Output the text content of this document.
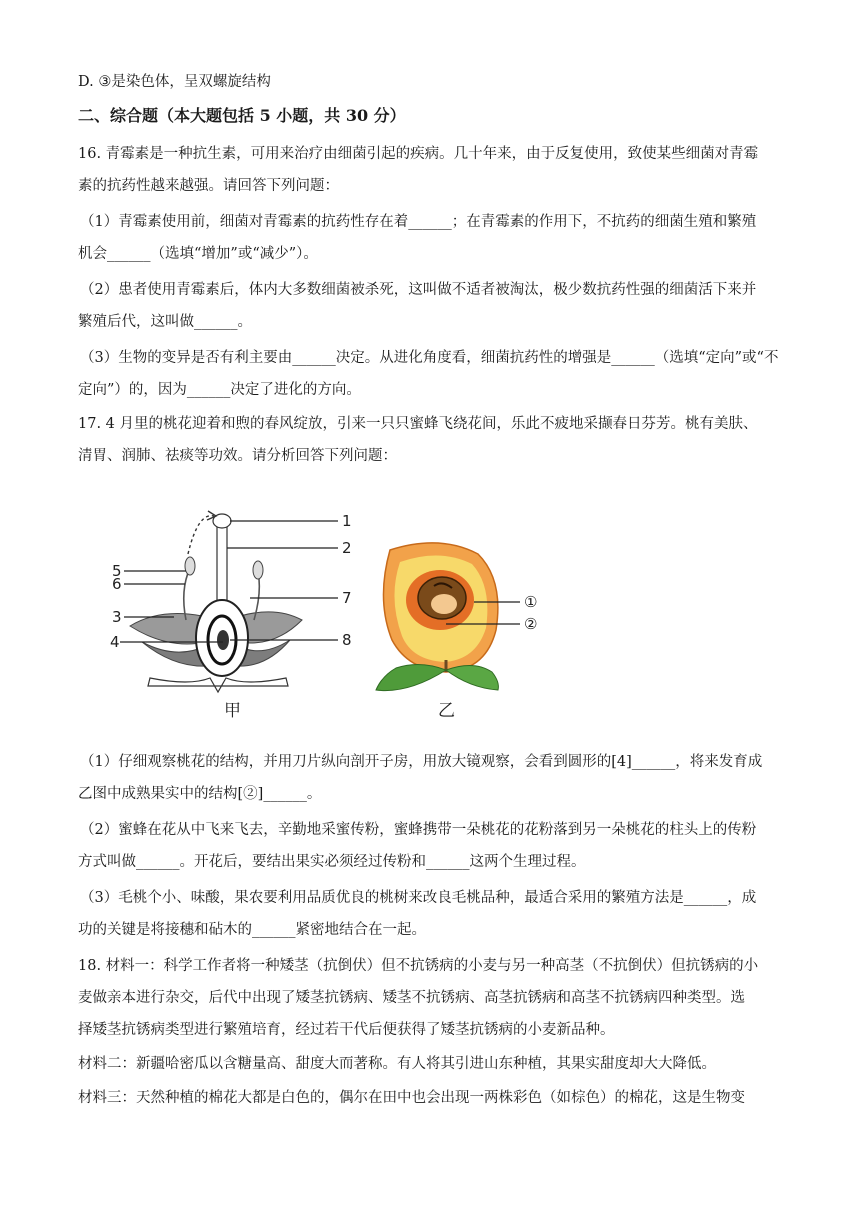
D. ③是染色体，呈双螺旋结构
二、综合题（本大题包括 5 小题，共 30 分）
16. 青霉素是一种抗生素，可用来治疗由细菌引起的疾病。几十年来，由于反复使用，致使某些细菌对青霉
素的抗药性越来越强。请回答下列问题：
（1）青霉素使用前，细菌对青霉素的抗药性存在着______；在青霉素的作用下，不抗药的细菌生殖和繁殖
机会______（选填“增加”或“减少”）。
（2）患者使用青霉素后，体内大多数细菌被杀死，这叫做不适者被淘汰，极少数抗药性强的细菌活下来并
繁殖后代，这叫做______。
（3）生物的变异是否有利主要由______决定。从进化角度看，细菌抗药性的增强是______（选填“定向”或“不
定向”）的，因为______决定了进化的方向。
17. 4 月里的桃花迎着和煦的春风绽放，引来一只只蜜蜂飞绕花间，乐此不疲地采撷春日芬芳。桃有美肤、
清胃、润肺、祛痰等功效。请分析回答下列问题：
1
2
3
4
5
6
7
8
甲
①
②
乙
（1）仔细观察桃花的结构，并用刀片纵向剖开子房，用放大镜观察，会看到圆形的[4]______，将来发育成
乙图中成熟果实中的结构[②]______。
（2）蜜蜂在花从中飞来飞去，辛勤地采蜜传粉，蜜蜂携带一朵桃花的花粉落到另一朵桃花的柱头上的传粉
方式叫做______。开花后，要结出果实必须经过传粉和______这两个生理过程。
（3）毛桃个小、味酸，果农要利用品质优良的桃树来改良毛桃品种，最适合采用的繁殖方法是______，成
功的关键是将接穗和砧木的______紧密地结合在一起。
18. 材料一：科学工作者将一种矮茎（抗倒伏）但不抗锈病的小麦与另一种高茎（不抗倒伏）但抗锈病的小
麦做亲本进行杂交，后代中出现了矮茎抗锈病、矮茎不抗锈病、高茎抗锈病和高茎不抗锈病四种类型。选
择矮茎抗锈病类型进行繁殖培育，经过若干代后便获得了矮茎抗锈病的小麦新品种。
材料二：新疆哈密瓜以含糖量高、甜度大而著称。有人将其引进山东种植，其果实甜度却大大降低。
材料三：天然种植的棉花大都是白色的，偶尔在田中也会出现一两株彩色（如棕色）的棉花，这是生物变
